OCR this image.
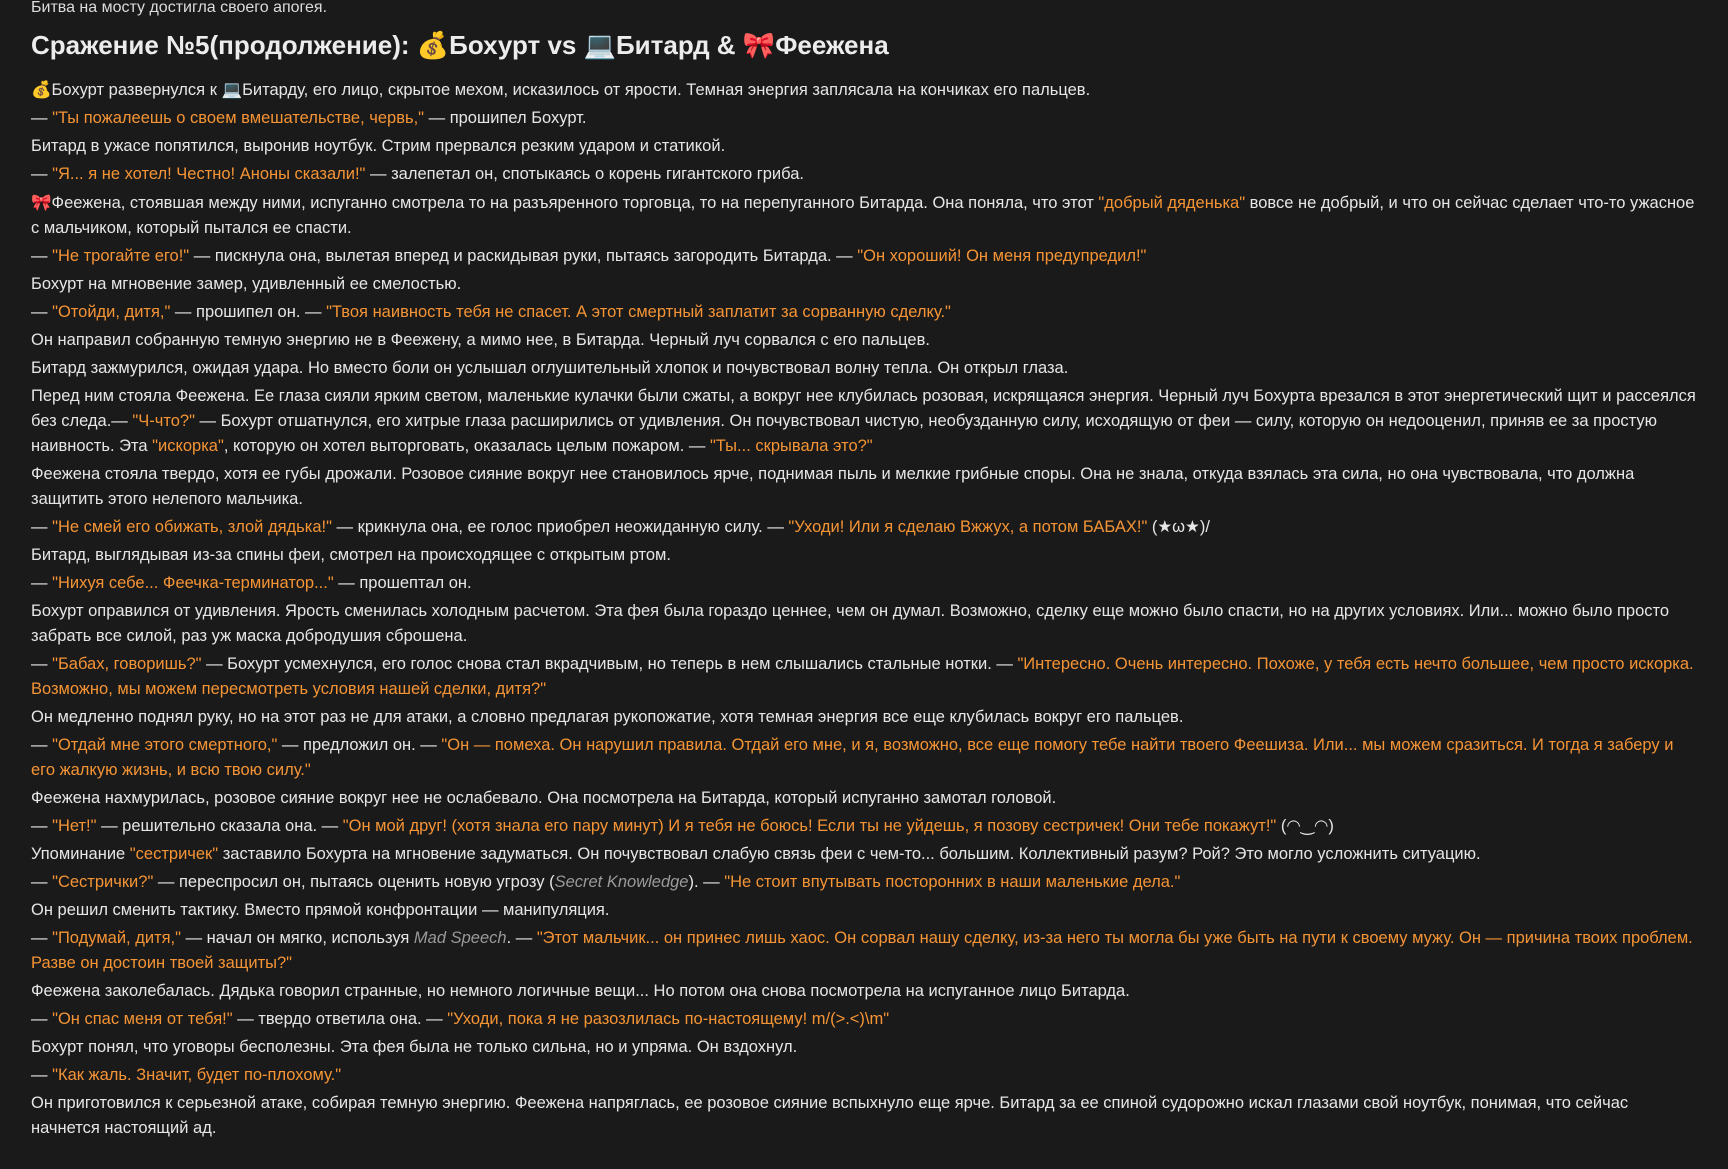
Битва на мосту достигла своего апогея.
Сражение №5(продолжение): 💰Бохурт vs 💻Битард & 🎀Феежена

💰Бохурт развернулся к 💻Битарду, его лицо, скрытое мехом, исказилось от ярости. Темная энергия заплясала на кончиках его пальцев.

— "Ты пожалеешь о своем вмешательстве, червь," — прошипел Бохурт.

Битард в ужасе попятился, выронив ноутбук. Стрим прервался резким ударом и статикой.

— "Я... я не хотел! Честно! Аноны сказали!" — залепетал он, спотыкаясь о корень гигантского гриба.

🎀Феежена, стоявшая между ними, испуганно смотрела то на разъяренного торговца, то на перепуганного Битарда. Она поняла, что этот "добрый дяденька" вовсе не добрый, и что он сейчас сделает что-то ужасное с мальчиком, который пытался ее спасти.

— "Не трогайте его!" — пискнула она, вылетая вперед и раскидывая руки, пытаясь загородить Битарда. — "Он хороший! Он меня предупредил!"

Бохурт на мгновение замер, удивленный ее смелостью.

— "Отойди, дитя," — прошипел он. — "Твоя наивность тебя не спасет. А этот смертный заплатит за сорванную сделку."

Он направил собранную темную энергию не в Феежену, а мимо нее, в Битарда. Черный луч сорвался с его пальцев.

Битард зажмурился, ожидая удара. Но вместо боли он услышал оглушительный хлопок и почувствовал волну тепла. Он открыл глаза.

Перед ним стояла Феежена. Ее глаза сияли ярким светом, маленькие кулачки были сжаты, а вокруг нее клубилась розовая, искрящаяся энергия. Черный луч Бохурта врезался в этот энергетический щит и рассеялся без следа.— "Ч-что?" — Бохурт отшатнулся, его хитрые глаза расширились от удивления. Он почувствовал чистую, необузданную силу, исходящую от феи — силу, которую он недооценил, приняв ее за простую наивность. Эта "искорка", которую он хотел выторговать, оказалась целым пожаром. — "Ты... скрывала это?"

Феежена стояла твердо, хотя ее губы дрожали. Розовое сияние вокруг нее становилось ярче, поднимая пыль и мелкие грибные споры. Она не знала, откуда взялась эта сила, но она чувствовала, что должна защитить этого нелепого мальчика.

— "Не смей его обижать, злой дядька!" — крикнула она, ее голос приобрел неожиданную силу. — "Уходи! Или я сделаю Вжжух, а потом БАБАХ!" (★ω★)/

Битард, выглядывая из-за спины феи, смотрел на происходящее с открытым ртом.

— "Нихуя себе... Феечка-терминатор..." — прошептал он.

Бохурт оправился от удивления. Ярость сменилась холодным расчетом. Эта фея была гораздо ценнее, чем он думал. Возможно, сделку еще можно было спасти, но на других условиях. Или... можно было просто забрать все силой, раз уж маска добродушия сброшена.

— "Бабах, говоришь?" — Бохурт усмехнулся, его голос снова стал вкрадчивым, но теперь в нем слышались стальные нотки. — "Интересно. Очень интересно. Похоже, у тебя есть нечто большее, чем просто искорка. Возможно, мы можем пересмотреть условия нашей сделки, дитя?"

Он медленно поднял руку, но на этот раз не для атаки, а словно предлагая рукопожатие, хотя темная энергия все еще клубилась вокруг его пальцев.

— "Отдай мне этого смертного," — предложил он. — "Он — помеха. Он нарушил правила. Отдай его мне, и я, возможно, все еще помогу тебе найти твоего Феешиза. Или... мы можем сразиться. И тогда я заберу и его жалкую жизнь, и всю твою силу."

Феежена нахмурилась, розовое сияние вокруг нее не ослабевало. Она посмотрела на Битарда, который испуганно замотал головой.

— "Нет!" — решительно сказала она. — "Он мой друг! (хотя знала его пару минут) И я тебя не боюсь! Если ты не уйдешь, я позову сестричек! Они тебе покажут!" (◠‿◠)

Упоминание "сестричек" заставило Бохурта на мгновение задуматься. Он почувствовал слабую связь феи с чем-то... большим. Коллективный разум? Рой? Это могло усложнить ситуацию.

— "Сестрички?" — переспросил он, пытаясь оценить новую угрозу (Secret Knowledge). — "Не стоит впутывать посторонних в наши маленькие дела."

Он решил сменить тактику. Вместо прямой конфронтации — манипуляция.

— "Подумай, дитя," — начал он мягко, используя Mad Speech. — "Этот мальчик... он принес лишь хаос. Он сорвал нашу сделку, из-за него ты могла бы уже быть на пути к своему мужу. Он — причина твоих проблем. Разве он достоин твоей защиты?"

Феежена заколебалась. Дядька говорил странные, но немного логичные вещи... Но потом она снова посмотрела на испуганное лицо Битарда.

— "Он спас меня от тебя!" — твердо ответила она. — "Уходи, пока я не разозлилась по-настоящему! m/(>.<)\m"

Бохурт понял, что уговоры бесполезны. Эта фея была не только сильна, но и упряма. Он вздохнул.

— "Как жаль. Значит, будет по-плохому."

Он приготовился к серьезной атаке, собирая темную энергию. Феежена напряглась, ее розовое сияние вспыхнуло еще ярче. Битард за ее спиной судорожно искал глазами свой ноутбук, понимая, что сейчас начнется настоящий ад.
